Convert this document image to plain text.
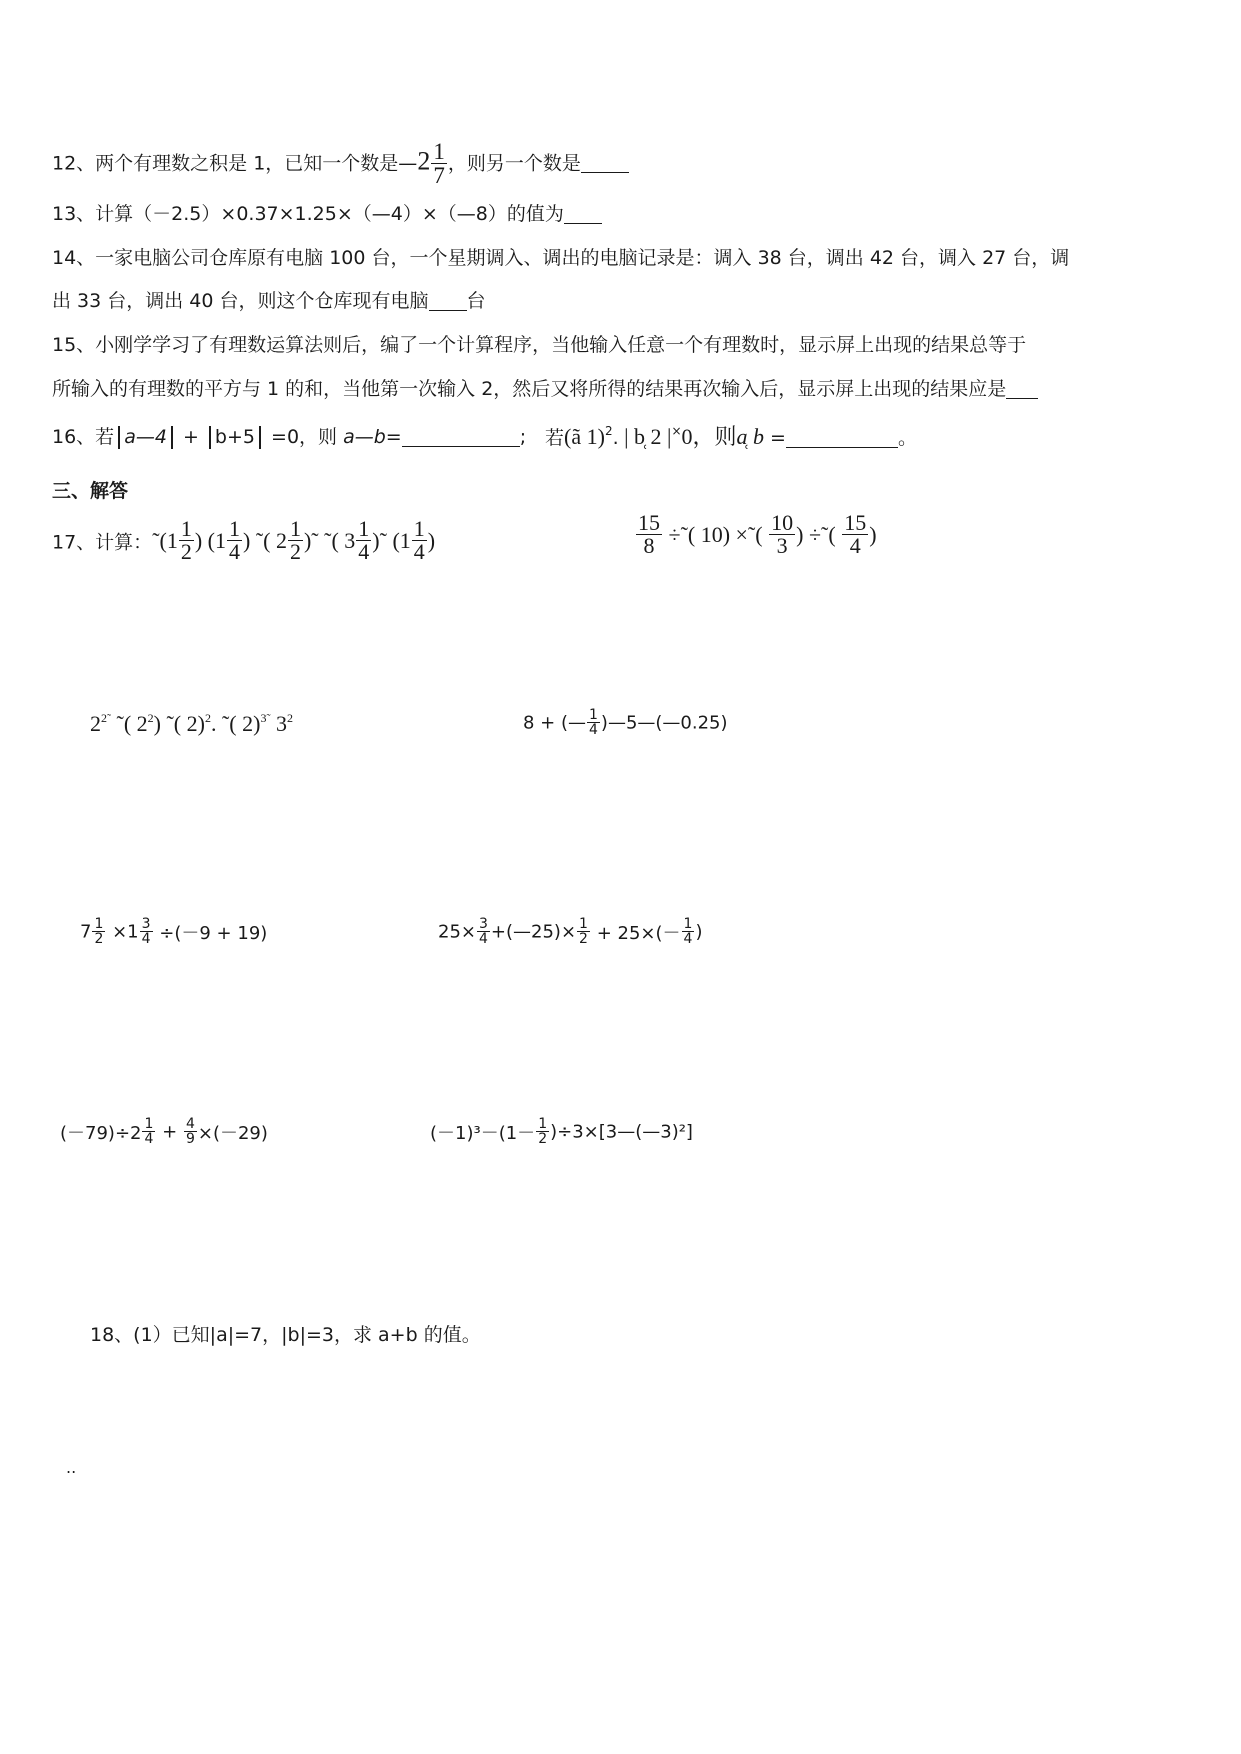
12、两个有理数之积是 1，已知一个数是—2 $\frac{1}{7}$ ，则另一个数是
13、计算（－2.5）×0.37×1.25×（—4）×（—8）的值为
14、一家电脑公司仓库原有电脑 100 台，一个星期调入、调出的电脑记录是：调入 38 台，调出 42 台，调入 27 台，调
出 33 台，调出 40 台，则这个仓库现有电脑 台
15、小刚学学习了有理数运算法则后，编了一个计算程序，当他输入任意一个有理数时，显示屏上出现的结果总等于
所输入的有理数的平方与 1 的和，当他第一次输入 2，然后又将所得的结果再次输入后，显示屏上出现的结果应是
16、若 a—4 + b+5 =0，则 a—b=	; 若(ã 1)$^2$. | b̜ 2 |×0，则a̜ b =	。
三、解答
17、计算：˜(1 $\frac{1}{2}$ ) ($1 \frac{1}{4}$ ) ˜( $2 \frac{1}{2}$ )˜ ˜( $3 \frac{1}{4}$ )˜ ($1 \frac{1}{4}$ )	$\frac{15}{8}$ ÷˜( 10) ×˜( $\frac{10}{3}$ ) ÷˜( $\frac{15}{4}$ )
$2^{2˜}$ ˜( $2^2$) ˜( 2)$^2$. ˜( 2)$^{3˜}$ $3^2$	8 + (— $\frac{1}{4}$ )—5—(—0.25)
$7 \frac{1}{2} \times 1 \frac{3}{4} \div(-9 + 19)$	$25\times \frac{3}{4}$ +(—25)× $\frac{1}{2} + 25\times(- \frac{1}{4}$ )
$(-79)\div 2 \frac{1}{4} + \frac{4}{9} \times(-29)$	$(-1)^3-(1- \frac{1}{2}$ )÷3×[3—(—3)²]
18、(1）已知|a|=7，|b|=3，求 a+b 的值。
..
